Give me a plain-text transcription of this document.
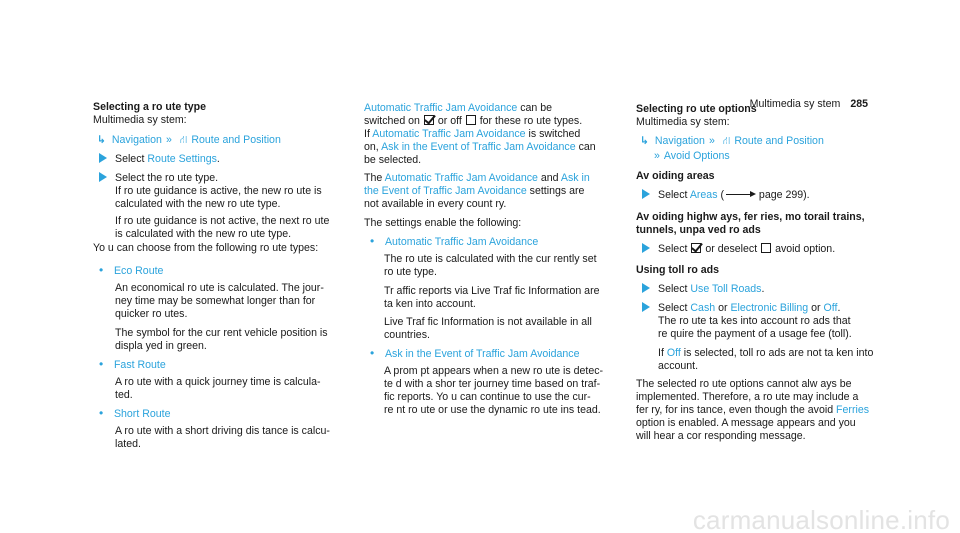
Multimedia sy stem 285
Selecting a ro ute type
Multimedia sy stem:
↳ Navigation » ⛙ Route and Position
Select Route Settings.
Select the ro ute type.
If ro ute guidance is active, the new ro ute is
calculated with the new ro ute type.
If ro ute guidance is not active, the next ro ute
is calculated with the new ro ute type.
Yo u can choose from the following ro ute types:
• Eco Route
An economical ro ute is calculated. The jour-
ney time may be somewhat longer than for
quicker ro utes.
The symbol for the cur rent vehicle position is
displa yed in green.
• Fast Route
A ro ute with a quick journey time is calcula-
ted.
• Short Route
A ro ute with a short driving dis tance is calcu-
lated.
Automatic Traffic Jam Avoidance can be
switched on  or off  for these ro ute types.
If Automatic Traffic Jam Avoidance is switched
on, Ask in the Event of Traffic Jam Avoidance can
be selected.
The Automatic Traffic Jam Avoidance and Ask in
the Event of Traffic Jam Avoidance settings are
not available in every count ry.
The settings enable the following:
• Automatic Traffic Jam Avoidance
The ro ute is calculated with the cur rently set
ro ute type.
Tr affic reports via Live Traf fic Information are
ta ken into account.
Live Traf fic Information is not available in all
countries.
• Ask in the Event of Traffic Jam Avoidance
A prom pt appears when a new ro ute is detec-
te d with a shor ter journey time based on traf-
fic reports. Yo u can continue to use the cur-
re nt ro ute or use the dynamic ro ute ins tead.
Selecting ro ute options
Multimedia sy stem:
↳ Navigation » ⛙ Route and Position
» Avoid Options
Av oiding areas
Select Areas (	page 299).
Av oiding highw ays, fer ries, mo torail trains,
tunnels, unpa ved ro ads
Select  or deselect  avoid option.
Using toll ro ads
Select Use Toll Roads.
Select Cash or Electronic Billing or Off.
The ro ute ta kes into account ro ads that
re quire the payment of a usage fee (toll).
If Off is selected, toll ro ads are not ta ken into
account.
The selected ro ute options cannot alw ays be
implemented. Therefore, a ro ute may include a
fer ry, for ins tance, even though the avoid Ferries
option is enabled. A message appears and you
will hear a cor responding message.
carmanualsonline.info
